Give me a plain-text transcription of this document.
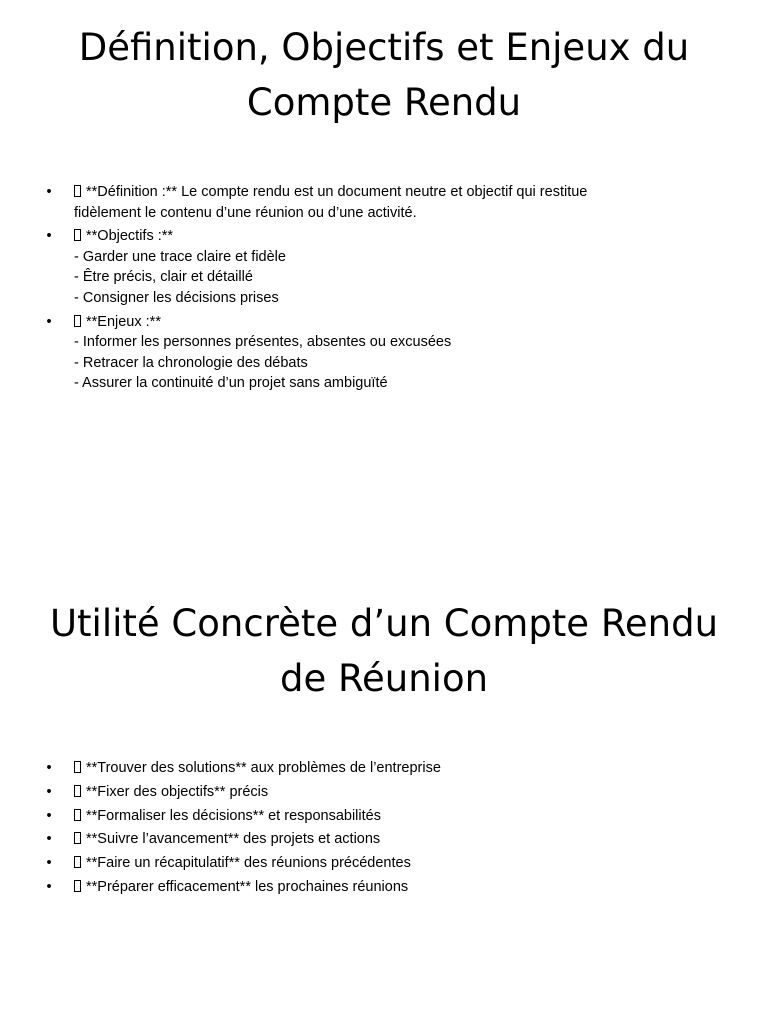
Définition, Objectifs et Enjeux du Compte Rendu
•	**Définition :** Le compte rendu est un document neutre et objectif qui restitue
fidèlement le contenu d’une réunion ou d’une activité.
•	**Objectifs :**
- Garder une trace claire et fidèle
- Être précis, clair et détaillé
- Consigner les décisions prises
•	**Enjeux :**
- Informer les personnes présentes, absentes ou excusées
- Retracer la chronologie des débats
- Assurer la continuité d’un projet sans ambiguïté
Utilité Concrète d’un Compte Rendu de Réunion
•	**Trouver des solutions** aux problèmes de l’entreprise
•	**Fixer des objectifs** précis
•	**Formaliser les décisions** et responsabilités
•	**Suivre l’avancement** des projets et actions
•	**Faire un récapitulatif** des réunions précédentes
•	**Préparer efficacement** les prochaines réunions
